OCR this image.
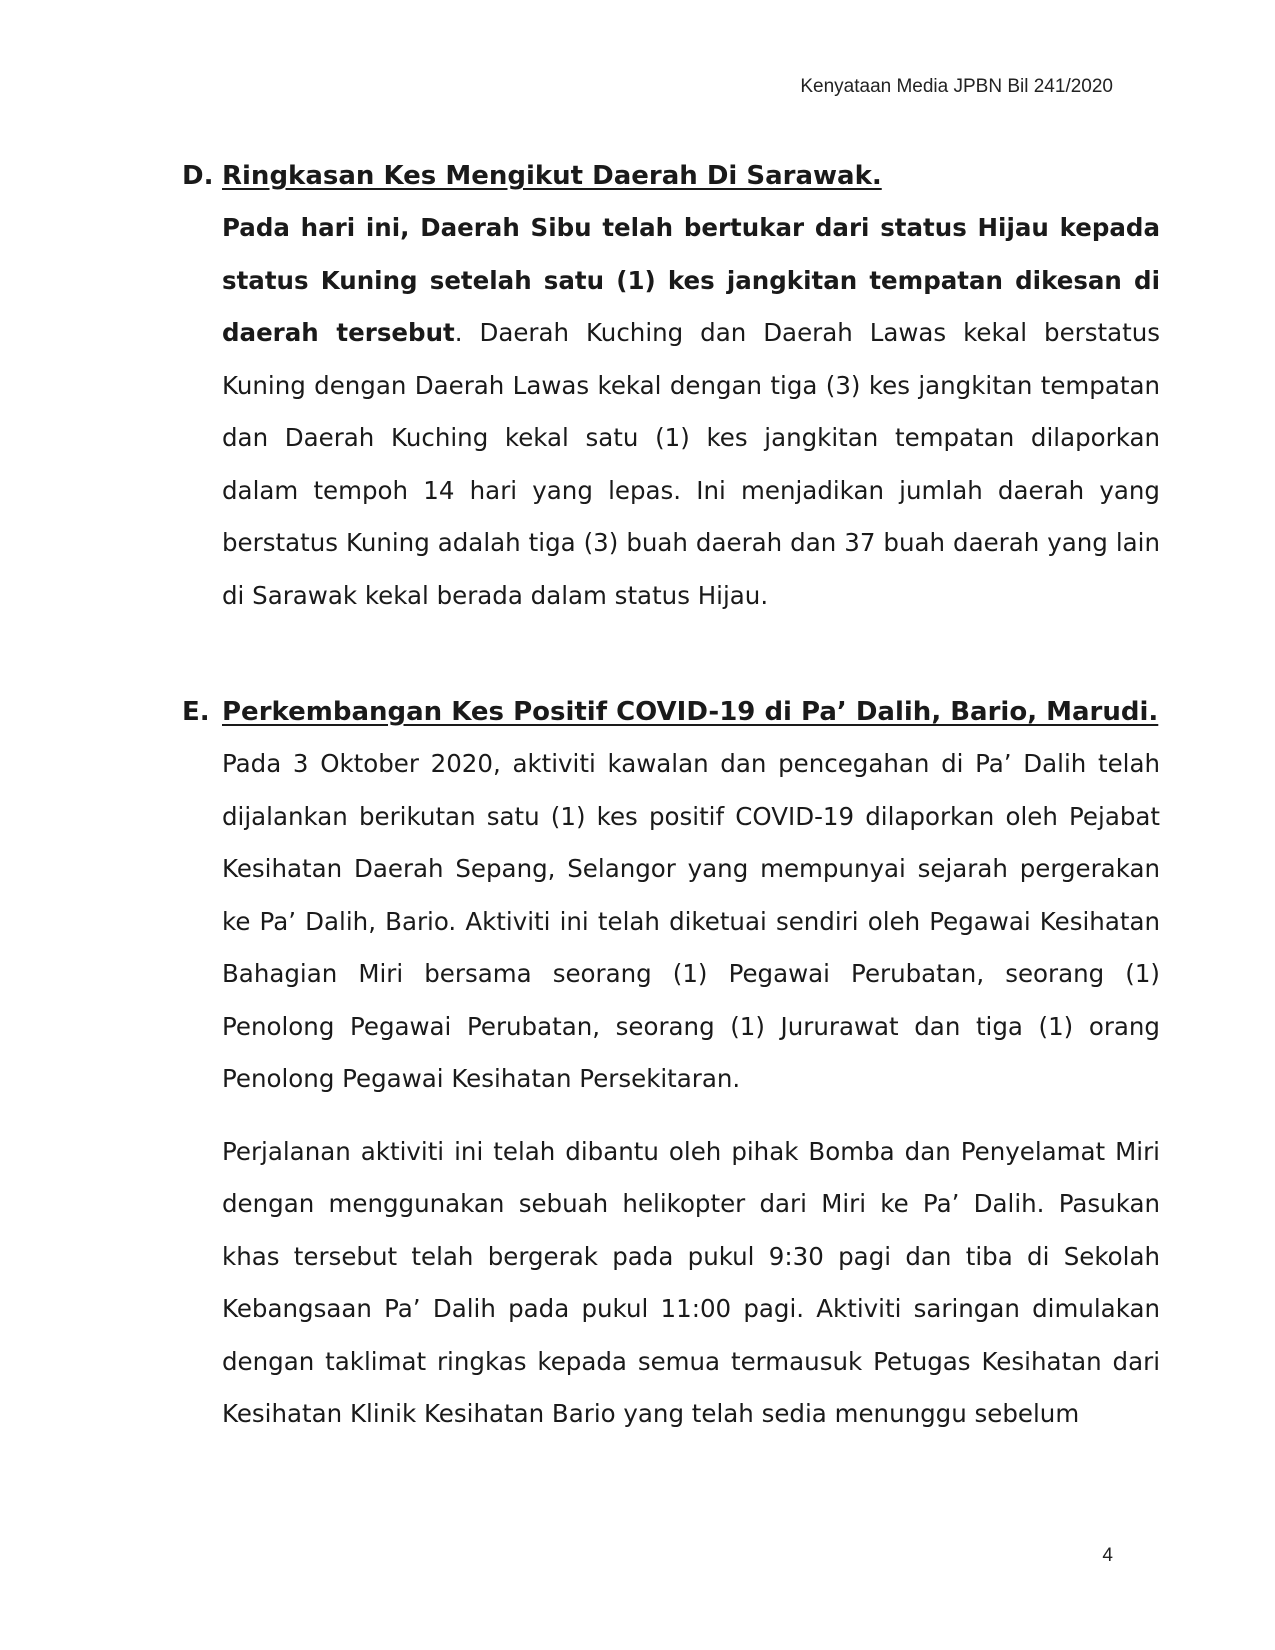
Kenyataan Media JPBN Bil 241/2020
D. Ringkasan Kes Mengikut Daerah Di Sarawak.
Pada hari ini, Daerah Sibu telah bertukar dari status Hijau kepada status Kuning setelah satu (1) kes jangkitan tempatan dikesan di daerah tersebut. Daerah Kuching dan Daerah Lawas kekal berstatus Kuning dengan Daerah Lawas kekal dengan tiga (3) kes jangkitan tempatan dan Daerah Kuching kekal satu (1) kes jangkitan tempatan dilaporkan dalam tempoh 14 hari yang lepas. Ini menjadikan jumlah daerah yang berstatus Kuning adalah tiga (3) buah daerah dan 37 buah daerah yang lain di Sarawak kekal berada dalam status Hijau.
E. Perkembangan Kes Positif COVID-19 di Pa’ Dalih, Bario, Marudi.
Pada 3 Oktober 2020, aktiviti kawalan dan pencegahan di Pa’ Dalih telah dijalankan berikutan satu (1) kes positif COVID-19 dilaporkan oleh Pejabat Kesihatan Daerah Sepang, Selangor yang mempunyai sejarah pergerakan ke Pa’ Dalih, Bario. Aktiviti ini telah diketuai sendiri oleh Pegawai Kesihatan Bahagian Miri bersama seorang (1) Pegawai Perubatan, seorang (1) Penolong Pegawai Perubatan, seorang (1) Jururawat dan tiga (1) orang Penolong Pegawai Kesihatan Persekitaran.
Perjalanan aktiviti ini telah dibantu oleh pihak Bomba dan Penyelamat Miri dengan menggunakan sebuah helikopter dari Miri ke Pa’ Dalih. Pasukan khas tersebut telah bergerak pada pukul 9:30 pagi dan tiba di Sekolah Kebangsaan Pa’ Dalih pada pukul 11:00 pagi. Aktiviti saringan dimulakan dengan taklimat ringkas kepada semua termausuk Petugas Kesihatan dari Kesihatan Klinik Kesihatan Bario yang telah sedia menunggu sebelum
4
